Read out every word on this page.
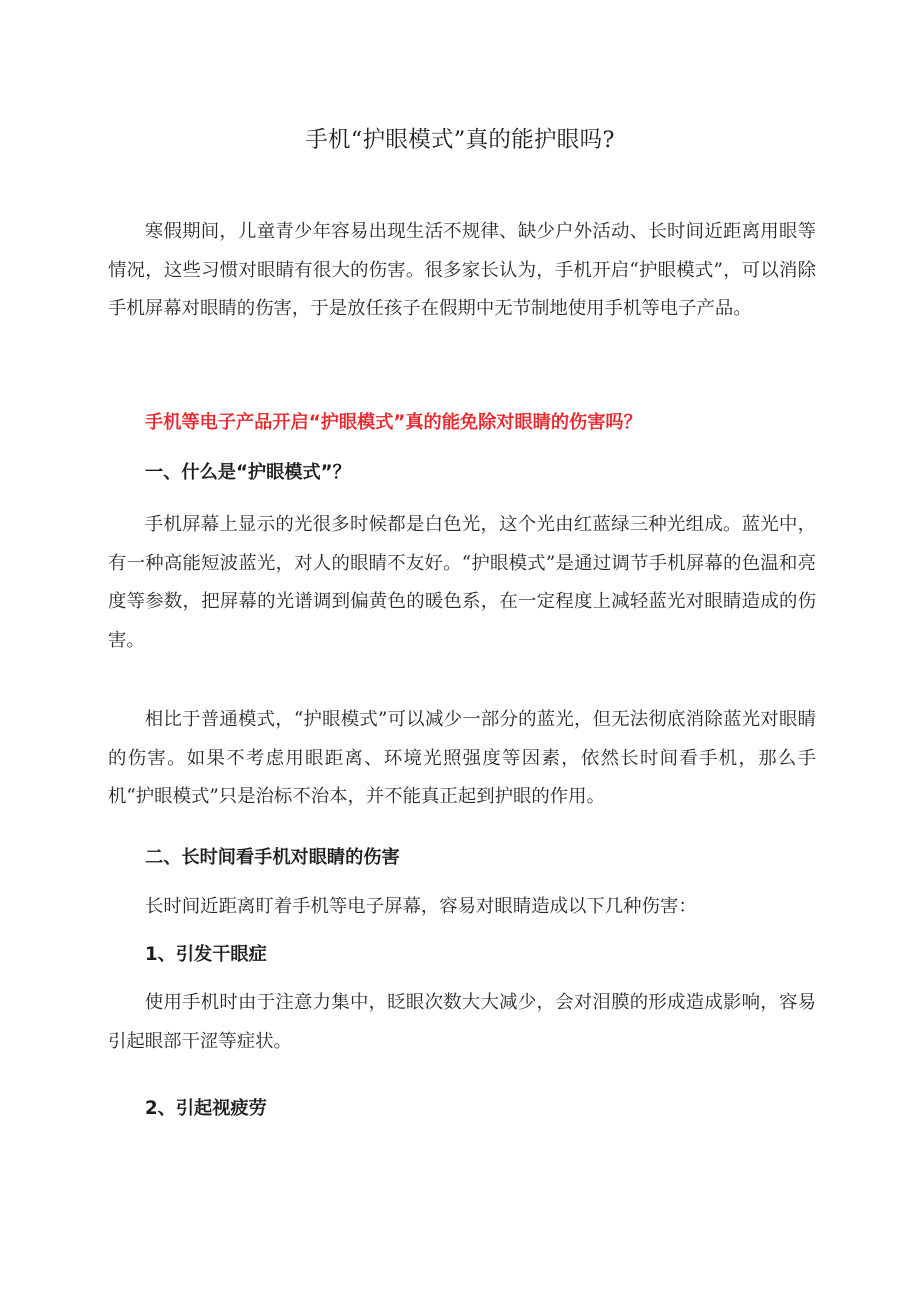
手机“护眼模式”真的能护眼吗?
寒假期间，儿童青少年容易出现生活不规律、缺少户外活动、长时间近距离用眼等情况，这些习惯对眼睛有很大的伤害。很多家长认为，手机开启“护眼模式”，可以消除手机屏幕对眼睛的伤害，于是放任孩子在假期中无节制地使用手机等电子产品。
手机等电子产品开启“护眼模式”真的能免除对眼睛的伤害吗？
一、什么是“护眼模式”？
手机屏幕上显示的光很多时候都是白色光，这个光由红蓝绿三种光组成。蓝光中，有一种高能短波蓝光，对人的眼睛不友好。“护眼模式”是通过调节手机屏幕的色温和亮度等参数，把屏幕的光谱调到偏黄色的暖色系，在一定程度上减轻蓝光对眼睛造成的伤害。
相比于普通模式，“护眼模式”可以减少一部分的蓝光，但无法彻底消除蓝光对眼睛的伤害。如果不考虑用眼距离、环境光照强度等因素，依然长时间看手机，那么手机“护眼模式”只是治标不治本，并不能真正起到护眼的作用。
二、长时间看手机对眼睛的伤害
长时间近距离盯着手机等电子屏幕，容易对眼睛造成以下几种伤害：
1、引发干眼症
使用手机时由于注意力集中，眨眼次数大大减少，会对泪膜的形成造成影响，容易引起眼部干涩等症状。
2、引起视疲劳
